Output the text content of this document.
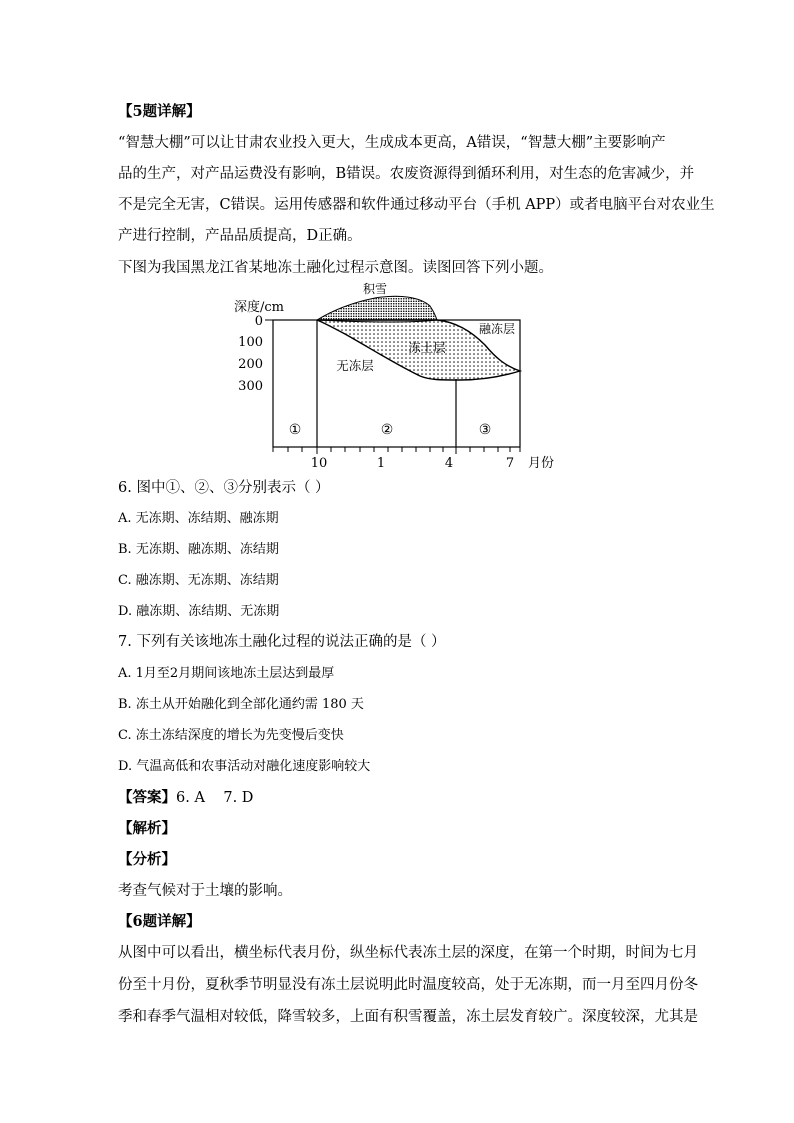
【5题详解】
“智慧大棚”可以让甘肃农业投入更大，生成成本更高，A错误，“智慧大棚”主要影响产
品的生产，对产品运费没有影响，B错误。农废资源得到循环利用，对生态的危害减少，并
不是完全无害，C错误。运用传感器和软件通过移动平台（手机 APP）或者电脑平台对农业生
产进行控制，产品品质提高，D正确。
下图为我国黑龙江省某地冻土融化过程示意图。读图回答下列小题。
深度/cm
0
100
200
300
积雪
融冻层
冻土层
无冻层
①	②	③
10	1	4	7 月份
6. 图中①、②、③分别表示（ ）
A. 无冻期、冻结期、融冻期
B. 无冻期、融冻期、冻结期
C. 融冻期、无冻期、冻结期
D. 融冻期、冻结期、无冻期
7. 下列有关该地冻土融化过程的说法正确的是（ ）
A. 1月至2月期间该地冻土层达到最厚
B. 冻土从开始融化到全部化通约需 180 天
C. 冻土冻结深度的增长为先变慢后变快
D. 气温高低和农事活动对融化速度影响较大
【答案】6. A    7. D
【解析】
【分析】
考查气候对于土壤的影响。
【6题详解】
从图中可以看出，横坐标代表月份，纵坐标代表冻土层的深度，在第一个时期，时间为七月
份至十月份，夏秋季节明显没有冻土层说明此时温度较高，处于无冻期，而一月至四月份冬
季和春季气温相对较低，降雪较多，上面有积雪覆盖，冻土层发育较广。深度较深，尤其是
